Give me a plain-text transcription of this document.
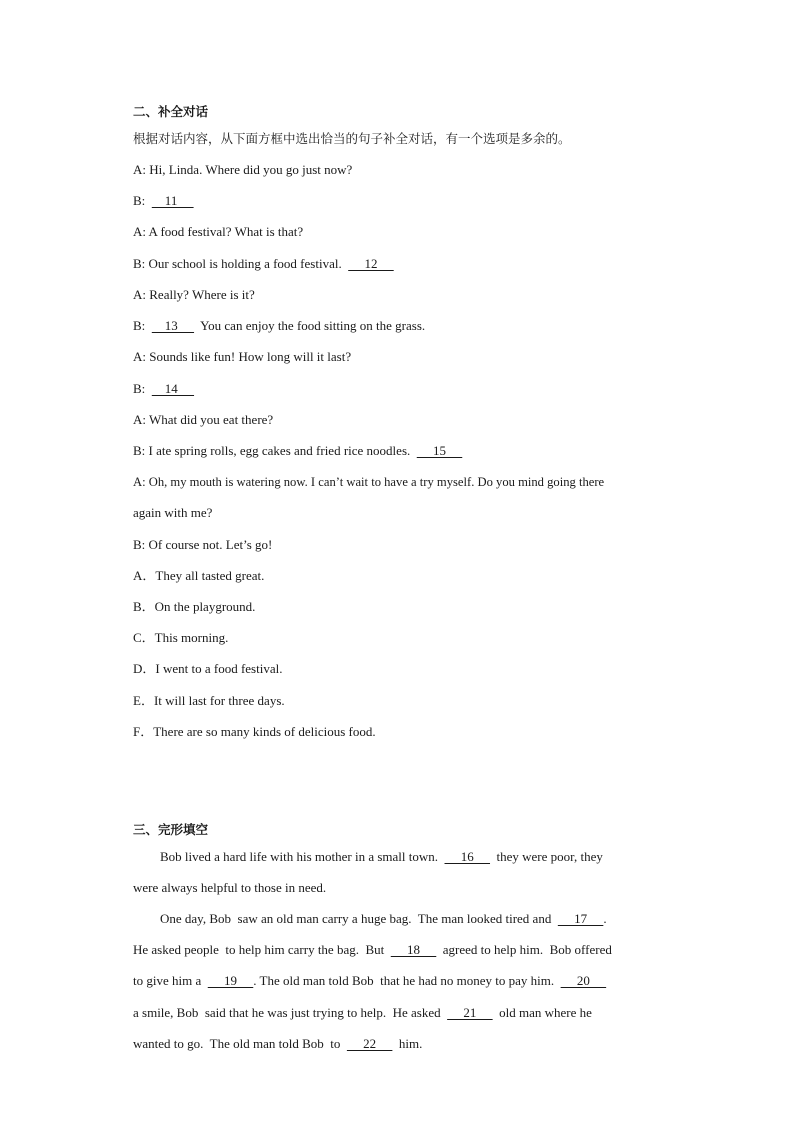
二、补全对话
根据对话内容，从下面方框中选出恰当的句子补全对话，有一个选项是多余的。
A: Hi, Linda. Where did you go just now?
B:      11
A: A food festival? What is that?
B: Our school is holding a food festival.       12
A: Really? Where is it?
B:      13       You can enjoy the food sitting on the grass.
A: Sounds like fun! How long will it last?
B:      14
A: What did you eat there?
B: I ate spring rolls, egg cakes and fried rice noodles.       15
A: Oh, my mouth is watering now. I can’t wait to have a try myself. Do you mind going there
again with me?
B: Of course not. Let’s go!
A．They all tasted great.
B．On the playground.
C．This morning.
D．I went to a food festival.
E．It will last for three days.
F．There are so many kinds of delicious food.
三、完形填空
Bob lived a hard life with his mother in a small town.       16       they were poor, they
were always helpful to those in need.
One day, Bob  saw an old man carry a huge bag.  The man looked tired and       17     .
He asked people  to help him carry the bag.  But       18       agreed to help him.  Bob offered
to give him a       19     . The old man told Bob  that he had no money to pay him.       20
a smile, Bob  said that he was just trying to help.  He asked       21       old man where he
wanted to go.  The old man told Bob  to       22       him.
